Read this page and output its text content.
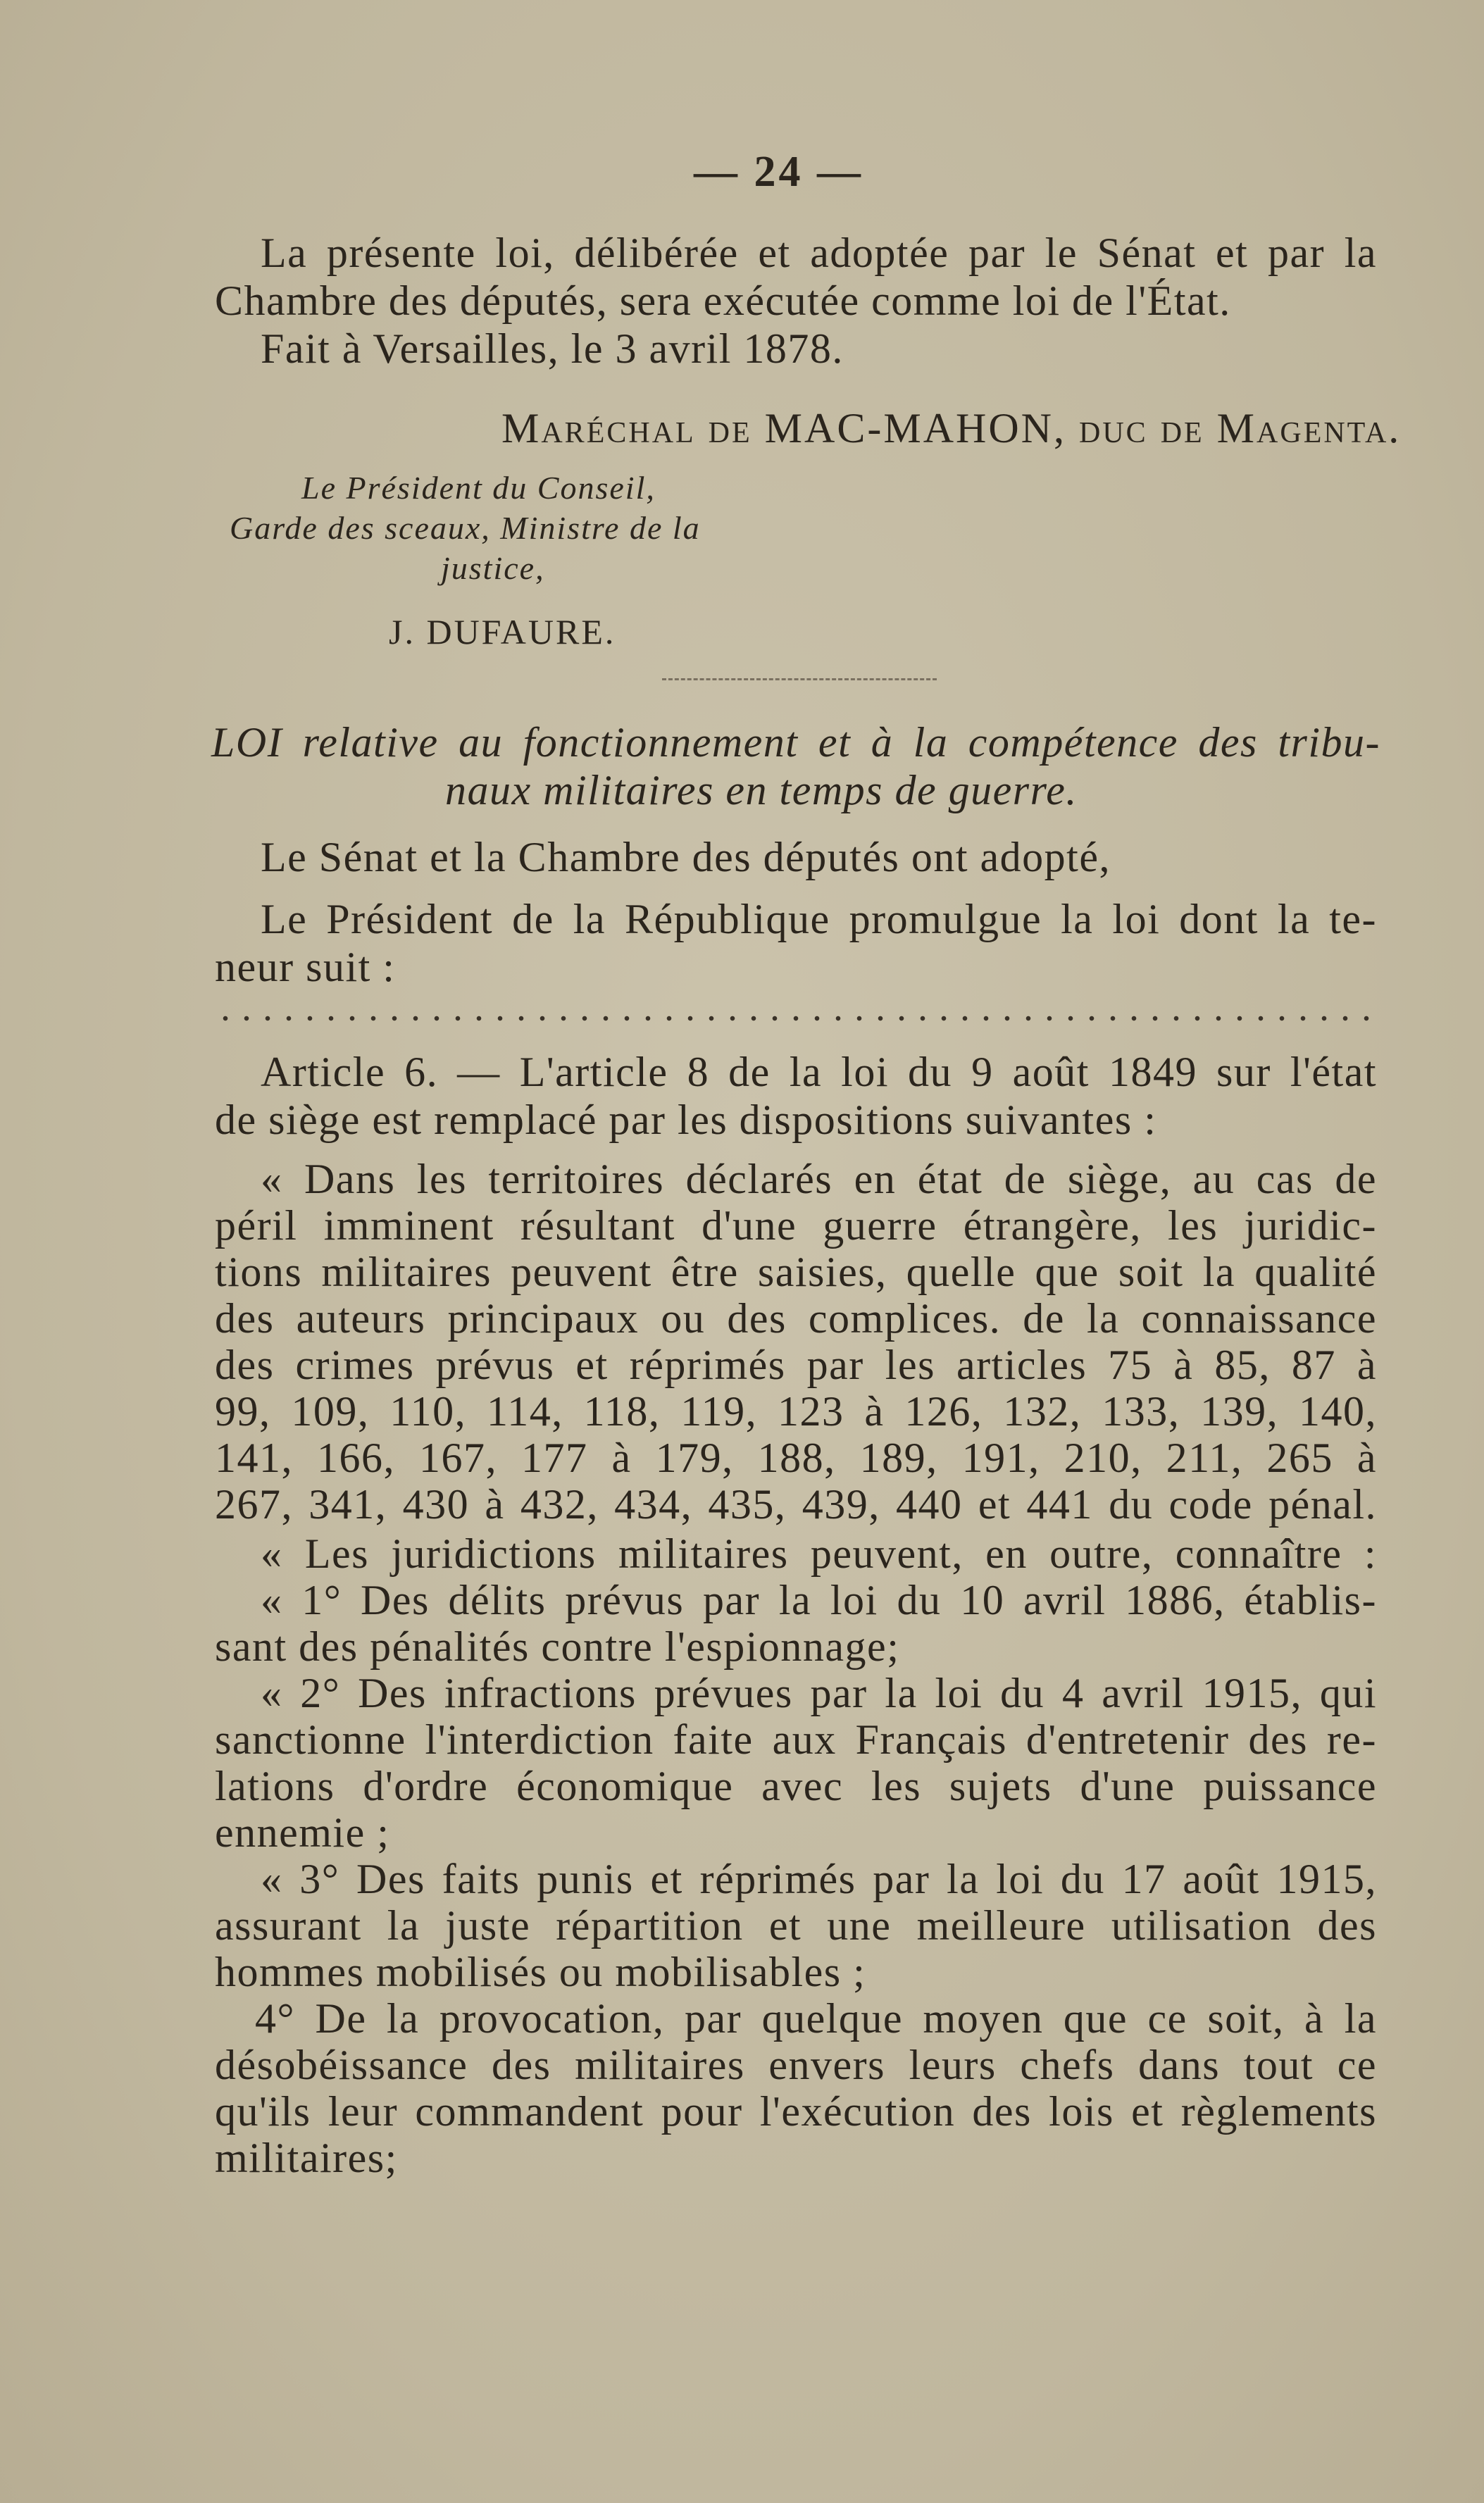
— 24 —
La présente loi, délibérée et adoptée par le Sénat et par la
Chambre des députés, sera exécutée comme loi de l'État.
Fait à Versailles, le 3 avril 1878.
Maréchal de MAC-MAHON, duc de Magenta.
Le Président du Conseil,
Garde des sceaux, Ministre de la
justice,
J. DUFAURE.
LOI relative au fonctionnement et à la compétence des tribu-
naux militaires en temps de guerre.
Le Sénat et la Chambre des députés ont adopté,
Le Président de la République promulgue la loi dont la te-
neur suit :
Article 6. — L'article 8 de la loi du 9 août 1849 sur l'état
de siège est remplacé par les dispositions suivantes :
« Dans les territoires déclarés en état de siège, au cas de
péril imminent résultant d'une guerre étrangère, les juridic-
tions militaires peuvent être saisies, quelle que soit la qualité
des auteurs principaux ou des complices. de la connaissance
des crimes prévus et réprimés par les articles 75 à 85, 87 à
99, 109, 110, 114, 118, 119, 123 à 126, 132, 133, 139, 140,
141, 166, 167, 177 à 179, 188, 189, 191, 210, 211, 265 à
267, 341, 430 à 432, 434, 435, 439, 440 et 441 du code pénal.
« Les juridictions militaires peuvent, en outre, connaître :
« 1° Des délits prévus par la loi du 10 avril 1886, établis-
sant des pénalités contre l'espionnage;
« 2° Des infractions prévues par la loi du 4 avril 1915, qui
sanctionne l'interdiction faite aux Français d'entretenir des re-
lations d'ordre économique avec les sujets d'une puissance
ennemie ;
« 3° Des faits punis et réprimés par la loi du 17 août 1915,
assurant la juste répartition et une meilleure utilisation des
hommes mobilisés ou mobilisables ;
4° De la provocation, par quelque moyen que ce soit, à la
désobéissance des militaires envers leurs chefs dans tout ce
qu'ils leur commandent pour l'exécution des lois et règlements
militaires;
